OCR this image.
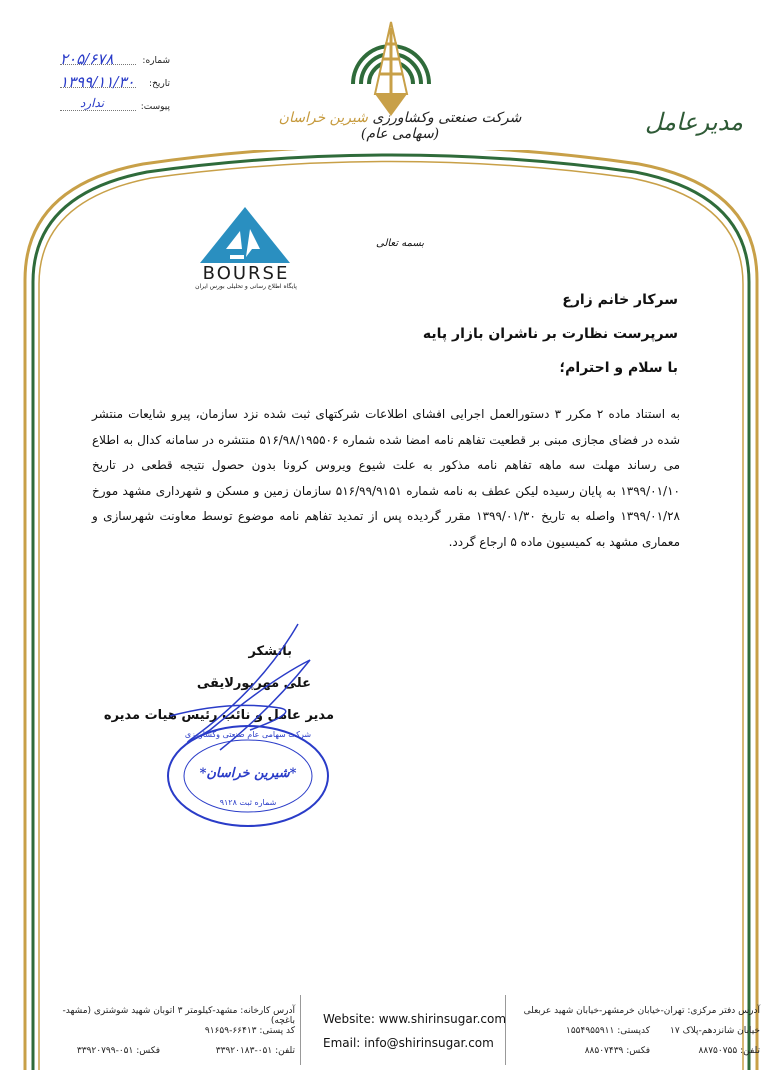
شماره:
۲۰۵/۶۷۸
تاریخ:
۱۳۹۹/۱۱/۳۰
پیوست:
ندارد
شرکت صنعتی وکشاورزی شیرین خراسان (سهامی عام)	مدیرعامل
BOURSE
پایگاه اطلاع رسانی و تحلیلی بورس ایران
بسمه تعالی
سرکار خانم زارع
سرپرست نظارت بر ناشران بازار پایه
با سلام و احترام؛
به استناد ماده ۲ مکرر ۳ دستورالعمل اجرایی افشای اطلاعات شرکتهای ثبت شده نزد سازمان، پیرو شایعات منتشر شده در فضای مجازی مبنی بر قطعیت تفاهم نامه امضا شده شماره ۵۱۶/۹۸/۱۹۵۵۰۶ منتشره در سامانه کدال به اطلاع می رساند مهلت سه ماهه تفاهم نامه مذکور به علت شیوع ویروس کرونا بدون حصول نتیجه قطعی در تاریخ ۱۳۹۹/۰۱/۱۰ به پایان رسیده لیکن عطف به نامه شماره ۵۱۶/۹۹/۹۱۵۱ سازمان زمین و مسکن و شهرداری مشهد مورخ ۱۳۹۹/۰۱/۲۸ واصله به تاریخ ۱۳۹۹/۰۱/۳۰ مقرر گردیده پس از تمدید تفاهم نامه موضوع توسط معاونت شهرسازی و معماری مشهد به کمیسیون ماده ۵ ارجاع گردد.
باتشکر
علی مهرپورلایقی
مدیر عامل و نائب رئیس هیات مدیره
شرکت سهامی عام صنعتی وکشاورزی
*شیرین خراسان*
شماره ثبت ۹۱۲۸
آدرس کارخانه: مشهد-کیلومتر ۳ اتوبان شهید شوشتری (مشهد-باغچه)
کد پستی: ۶۶۴۱۳-۹۱۶۵۹
تلفن: ۰۵۱-۳۳۹۲۰۱۸۳
فکس: ۰۵۱-۳۳۹۲۰۷۹۹
Website: www.shirinsugar.com
Email: info@shirinsugar.com
آدرس دفتر مرکزی: تهران-خیابان خرمشهر-خیابان شهید عربعلی
خیابان شانزدهم-پلاک ۱۷
کدپستی: ۱۵۵۴۹۵۵۹۱۱
تلفن: ۸۸۷۵۰۷۵۵
فکس: ۸۸۵۰۷۴۳۹
